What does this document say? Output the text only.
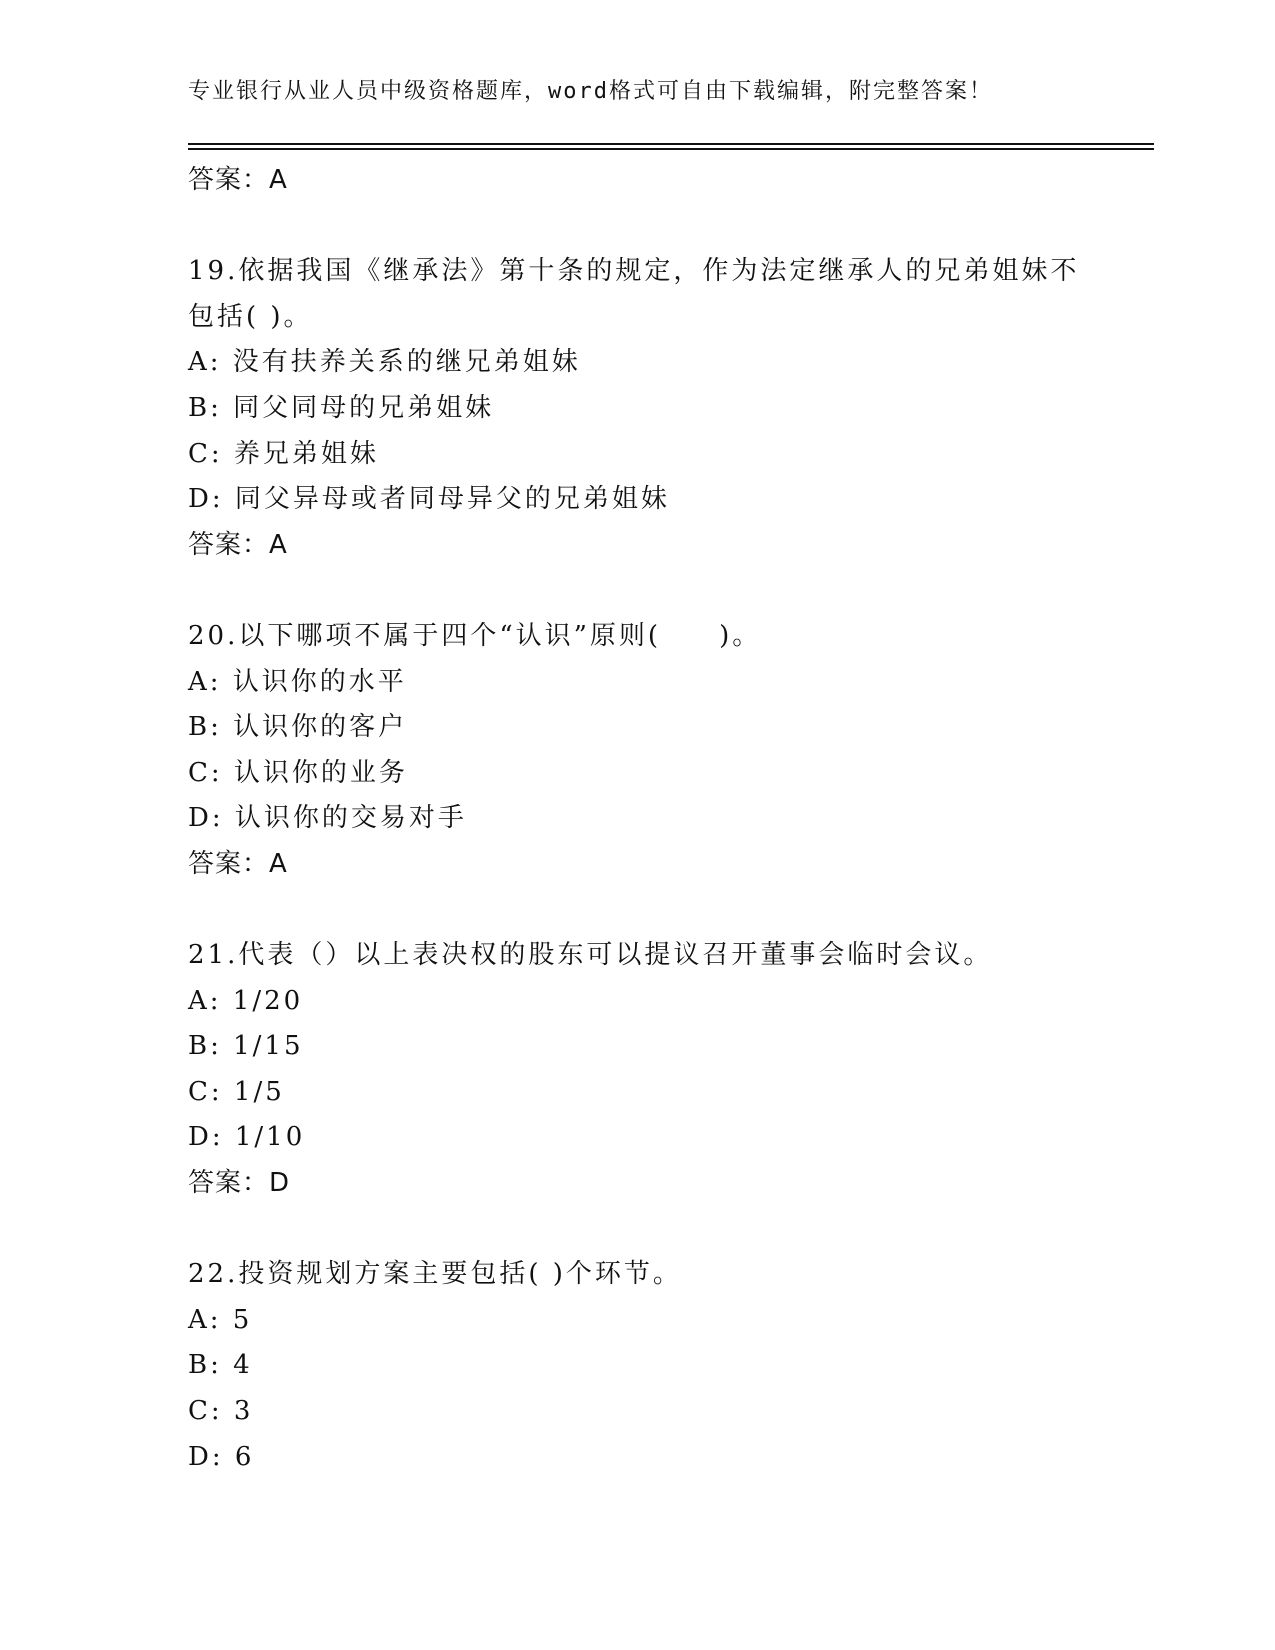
专业银行从业人员中级资格题库，word格式可自由下载编辑，附完整答案！
答案：A
19.依据我国《继承法》第十条的规定，作为法定继承人的兄弟姐妹不
包括( )。
A: 没有扶养关系的继兄弟姐妹
B: 同父同母的兄弟姐妹
C: 养兄弟姐妹
D: 同父异母或者同母异父的兄弟姐妹
答案：A
20.以下哪项不属于四个“认识”原则(　　)。
A: 认识你的水平
B: 认识你的客户
C: 认识你的业务
D: 认识你的交易对手
答案：A
21.代表（）以上表决权的股东可以提议召开董事会临时会议。
A: 1/20
B: 1/15
C: 1/5
D: 1/10
答案：D
22.投资规划方案主要包括( )个环节。
A: 5
B: 4
C: 3
D: 6
